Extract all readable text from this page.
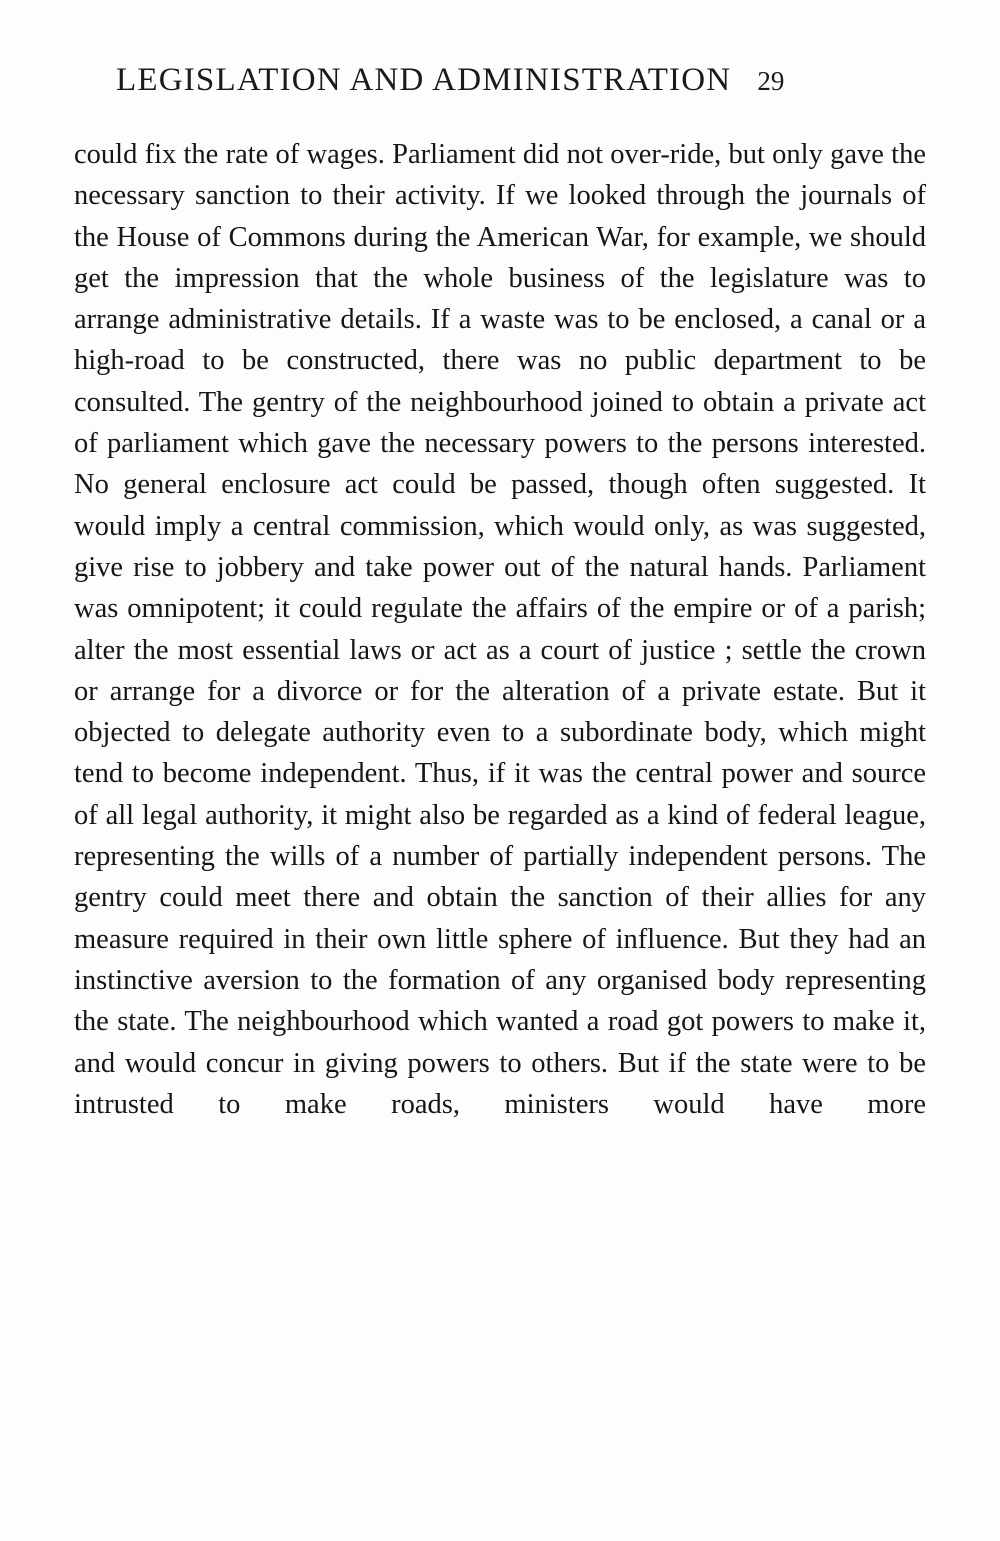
LEGISLATION AND ADMINISTRATION 29

could fix the rate of wages. Parliament did not over-ride, but only gave the necessary sanction to their activity. If we looked through the journals of the House of Commons during the American War, for example, we should get the impression that the whole business of the legislature was to arrange administrative details. If a waste was to be enclosed, a canal or a high-road to be constructed, there was no public department to be consulted. The gentry of the neighbourhood joined to obtain a private act of parliament which gave the necessary powers to the persons interested. No general enclosure act could be passed, though often suggested. It would imply a central commission, which would only, as was suggested, give rise to jobbery and take power out of the natural hands. Parliament was omnipotent; it could regulate the affairs of the empire or of a parish; alter the most essential laws or act as a court of justice ; settle the crown or arrange for a divorce or for the alteration of a private estate. But it objected to delegate authority even to a subordinate body, which might tend to become independent. Thus, if it was the central power and source of all legal authority, it might also be regarded as a kind of federal league, representing the wills of a number of partially independent persons. The gentry could meet there and obtain the sanction of their allies for any measure required in their own little sphere of influence. But they had an instinctive aversion to the formation of any organised body representing the state. The neighbourhood which wanted a road got powers to make it, and would concur in giving powers to others. But if the state were to be intrusted to make roads, ministers would have more
